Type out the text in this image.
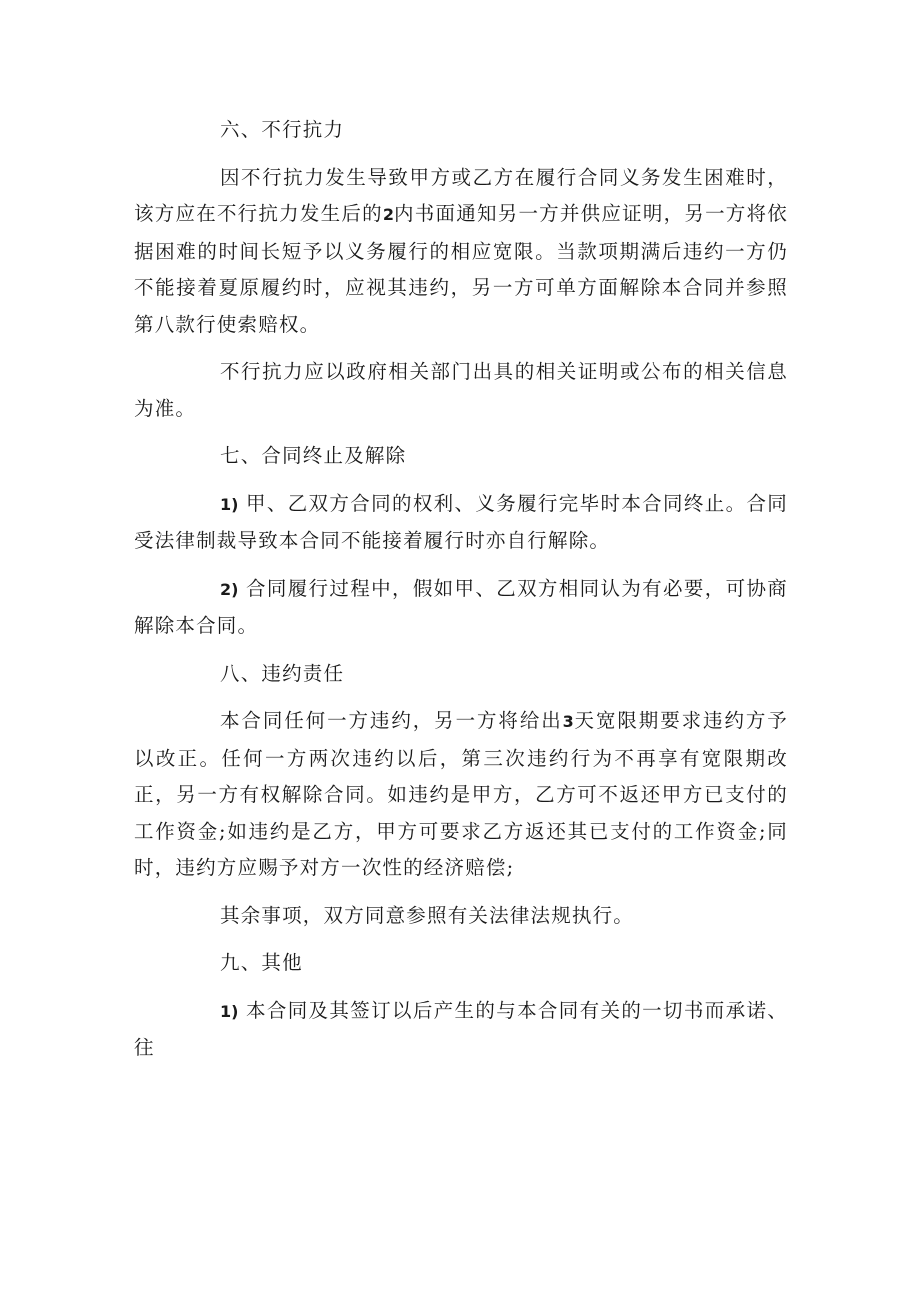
六、不行抗力

因不行抗力发生导致甲方或乙方在履行合同义务发生困难时，该方应在不行抗力发生后的2内书面通知另一方并供应证明，另一方将依据困难的时间长短予以义务履行的相应宽限。当款项期满后违约一方仍不能接着夏原履约时，应视其违约，另一方可单方面解除本合同并参照第八款行使索赔权。

不行抗力应以政府相关部门出具的相关证明或公布的相关信息为准。

七、合同终止及解除

1) 甲、乙双方合同的权利、义务履行完毕时本合同终止。合同受法律制裁导致本合同不能接着履行时亦自行解除。

2) 合同履行过程中，假如甲、乙双方相同认为有必要，可协商解除本合同。

八、违约责任

本合同任何一方违约，另一方将给出3天宽限期要求违约方予以改正。任何一方两次违约以后，第三次违约行为不再享有宽限期改正，另一方有权解除合同。如违约是甲方，乙方可不返还甲方已支付的工作资金;如违约是乙方，甲方可要求乙方返还其已支付的工作资金;同时，违约方应赐予对方一次性的经济赔偿;

其余事项，双方同意参照有关法律法规执行。

九、其他

1) 本合同及其签订以后产生的与本合同有关的一切书而承诺、往
